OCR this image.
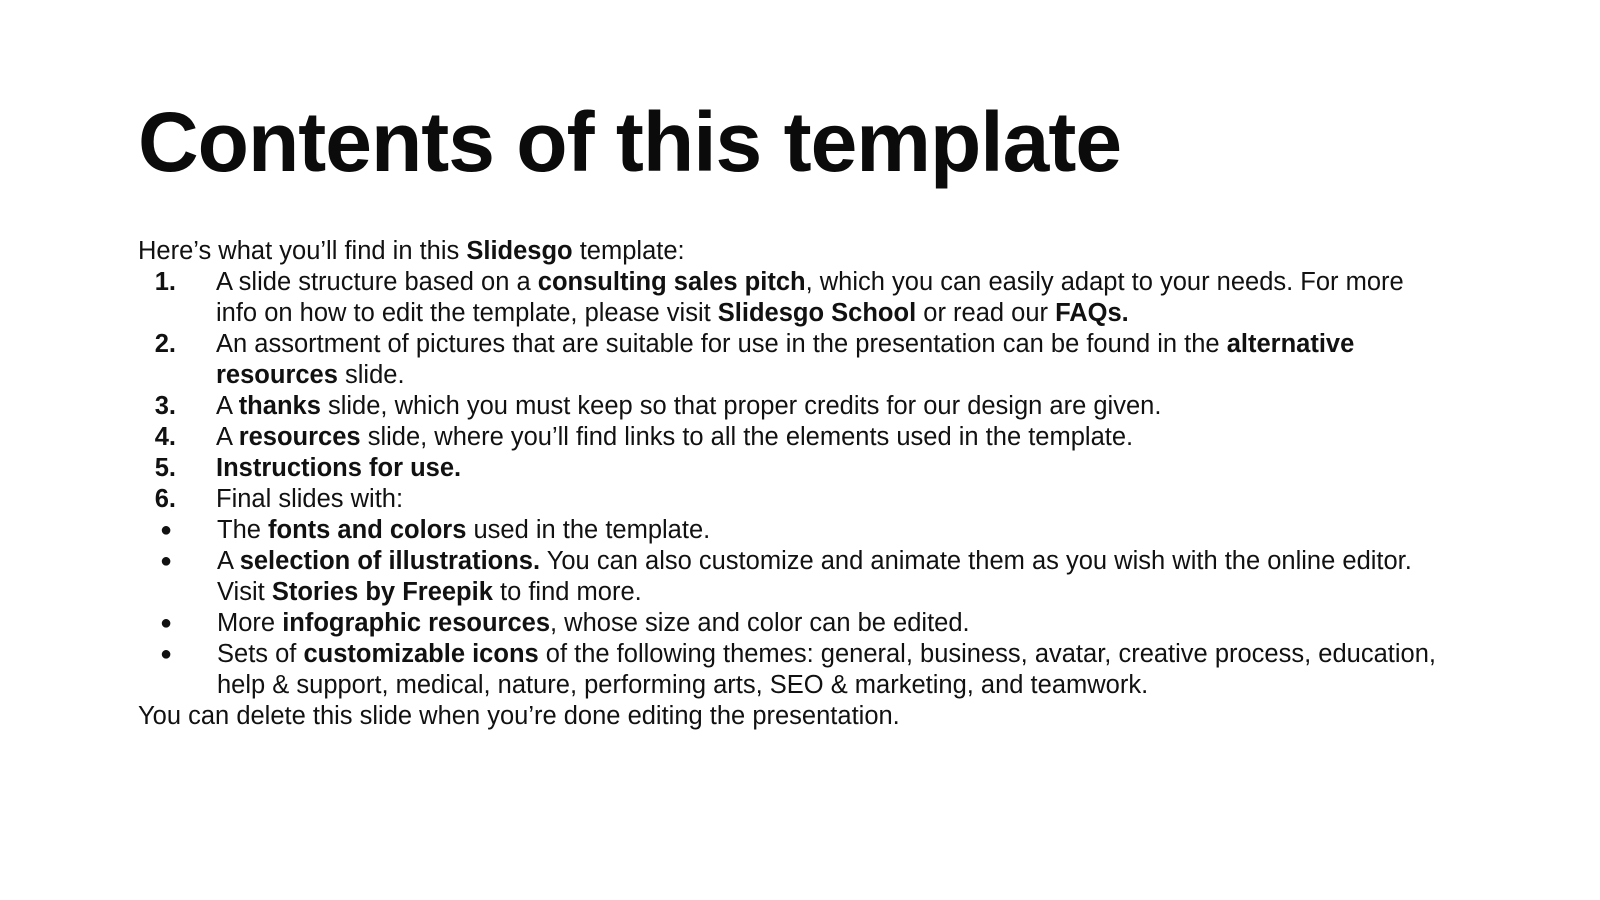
Contents of this template

Here’s what you’ll find in this Slidesgo template:

1. A slide structure based on a consulting sales pitch, which you can easily adapt to your needs. For more info on how to edit the template, please visit Slidesgo School or read our FAQs.
2. An assortment of pictures that are suitable for use in the presentation can be found in the alternative resources slide.
3. A thanks slide, which you must keep so that proper credits for our design are given.
4. A resources slide, where you’ll find links to all the elements used in the template.
5. Instructions for use.
6. Final slides with:
● The fonts and colors used in the template.
● A selection of illustrations. You can also customize and animate them as you wish with the online editor. Visit Stories by Freepik to find more.
● More infographic resources, whose size and color can be edited.
● Sets of customizable icons of the following themes: general, business, avatar, creative process, education, help & support, medical, nature, performing arts, SEO & marketing, and teamwork.

You can delete this slide when you’re done editing the presentation.
